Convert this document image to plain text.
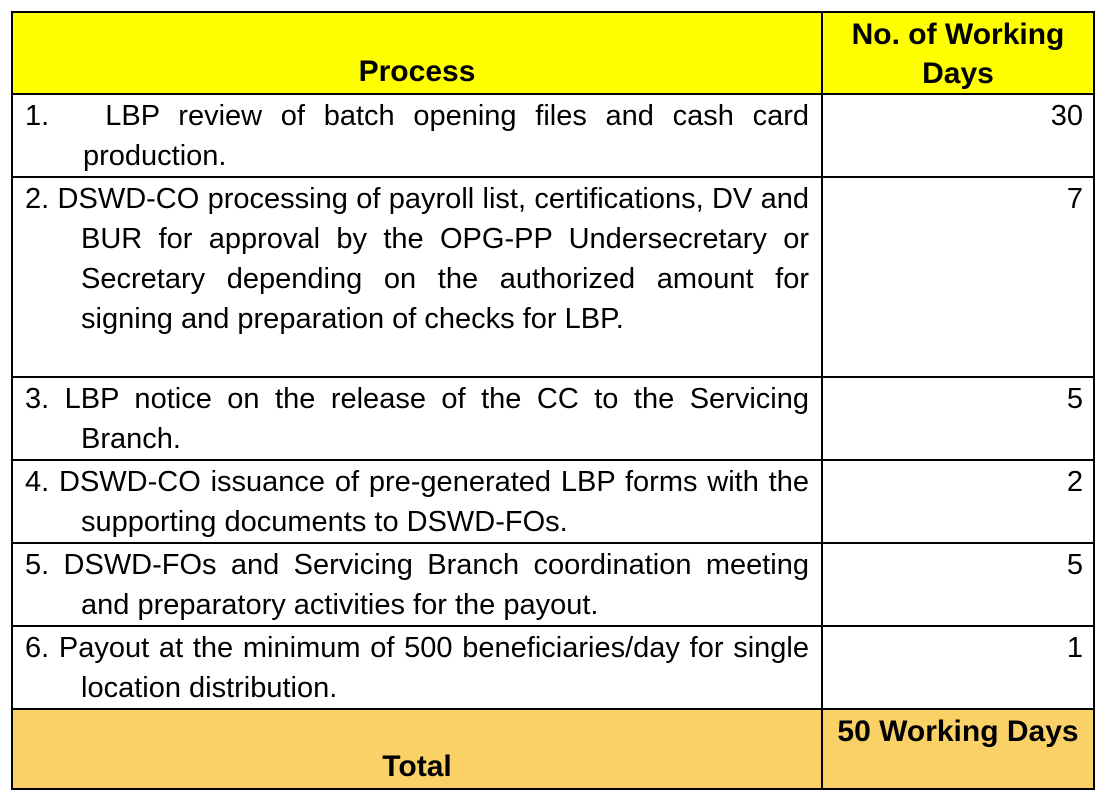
Process	No. of Working Days

1.   LBP review of batch opening files and cash card production.	30

2. DSWD-CO processing of payroll list, certifications, DV and BUR for approval by the OPG-PP Undersecretary or Secretary depending on the authorized amount for signing and preparation of checks for LBP.	7

3. LBP notice on the release of the CC to the Servicing Branch.	5

4. DSWD-CO issuance of pre-generated LBP forms with the supporting documents to DSWD-FOs.	2

5. DSWD-FOs and Servicing Branch coordination meeting and preparatory activities for the payout.	5

6. Payout at the minimum of 500 beneficiaries/day for single location distribution.	1
Total	50 Working Days
